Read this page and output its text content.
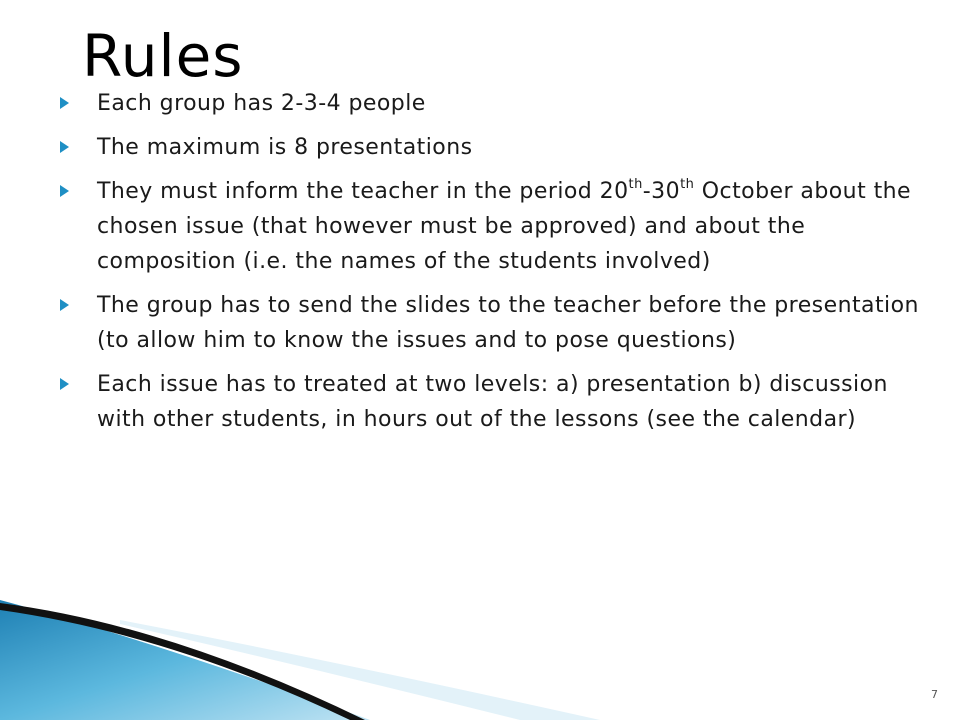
Rules
Each group has 2-3-4 people
The maximum is 8 presentations
They must inform the teacher in the period 20th-30th October about the chosen issue (that however must be approved) and about the composition (i.e. the names of the students involved)
The group has to send the slides to the teacher before the presentation (to allow him to know the issues and to pose questions)
Each issue has to treated at two levels: a) presentation b) discussion with other students, in hours out of the lessons (see the calendar)
7
